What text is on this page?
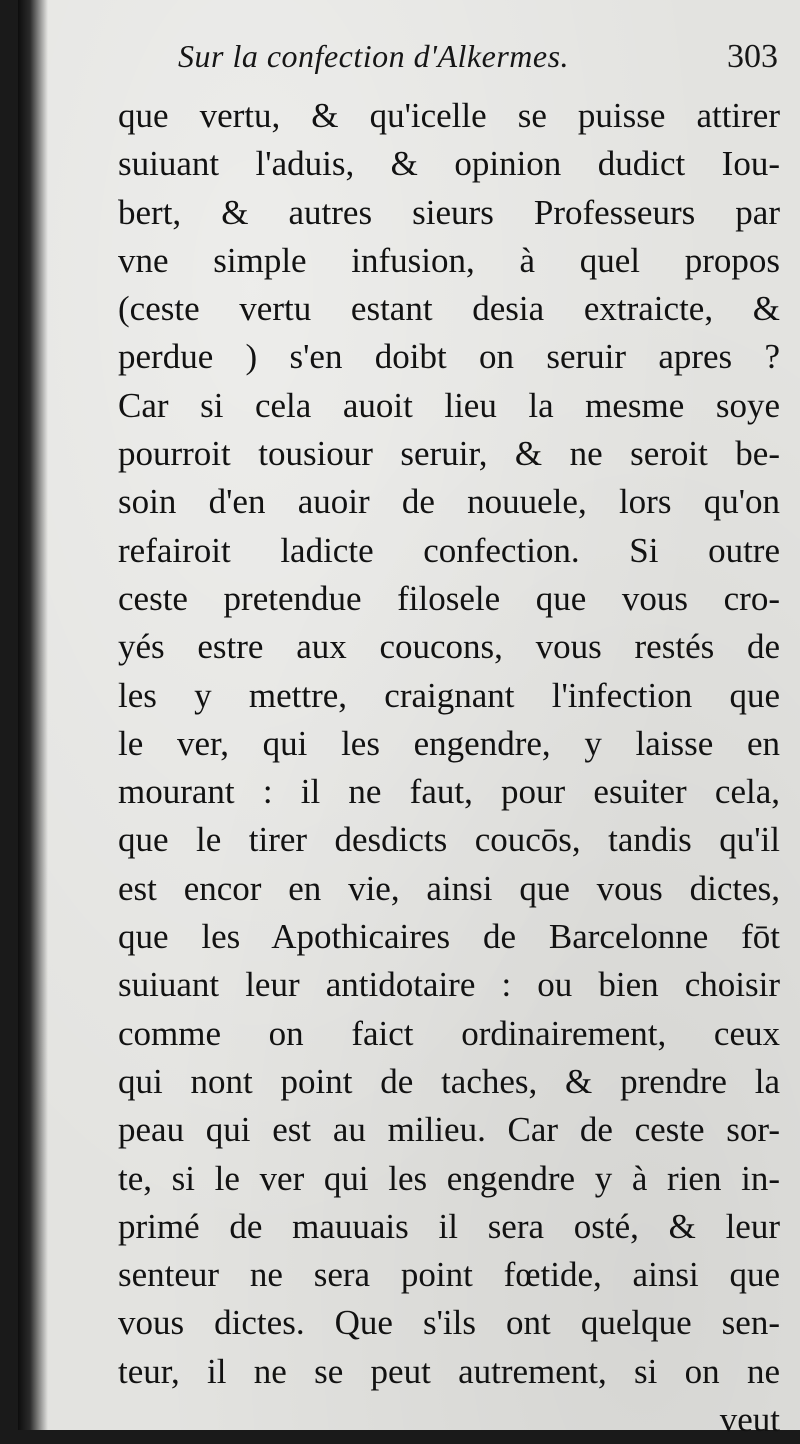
Sur la confection d'Alkermes.	303
que vertu, & qu'icelle se puisse attirer
suiuant l'aduis, & opinion dudict Iou-
bert, & autres sieurs Professeurs par
vne simple infusion, à quel propos
(ceste vertu estant desia extraicte, &
perdue ) s'en doibt on seruir apres ?
Car si cela auoit lieu la mesme soye
pourroit tousiour seruir, & ne seroit be-
soin d'en auoir de nouuele, lors qu'on
refairoit ladicte confection. Si outre
ceste pretendue filosele que vous cro-
yés estre aux coucons, vous restés de
les y mettre, craignant l'infection que
le ver, qui les engendre, y laisse en
mourant : il ne faut, pour esuiter cela,
que le tirer desdicts coucōs, tandis qu'il
est encor en vie, ainsi que vous dictes,
que les Apothicaires de Barcelonne fōt
suiuant leur antidotaire : ou bien choisir
comme on faict ordinairement, ceux
qui nont point de taches, & prendre la
peau qui est au milieu. Car de ceste sor-
te, si le ver qui les engendre y à rien in-
primé de mauuais il sera osté, & leur
senteur ne sera point fœtide, ainsi que
vous dictes. Que s'ils ont quelque sen-
teur, il ne se peut autrement, si on ne
veut
